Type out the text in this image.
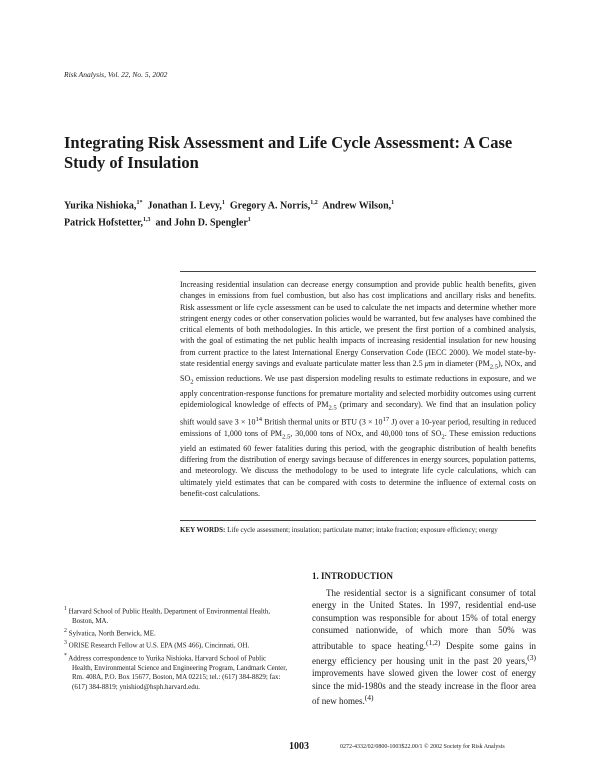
Risk Analysis, Vol. 22, No. 5, 2002
Integrating Risk Assessment and Life Cycle Assessment: A Case Study of Insulation
Yurika Nishioka,$^{1*}$ Jonathan I. Levy,$^1$ Gregory A. Norris,$^{1,2}$ Andrew Wilson,$^1$
Patrick Hofstetter,$^{1,3}$ and John D. Spengler$^1$
Increasing residential insulation can decrease energy consumption and provide public health benefits, given changes in emissions from fuel combustion, but also has cost implications and ancillary risks and benefits. Risk assessment or life cycle assessment can be used to calculate the net impacts and determine whether more stringent energy codes or other conservation policies would be warranted, but few analyses have combined the critical elements of both methodologies. In this article, we present the first portion of a combined analysis, with the goal of estimating the net public health impacts of increasing residential insulation for new housing from current practice to the latest International Energy Conservation Code (IECC 2000). We model state-by-state residential energy savings and evaluate particulate matter less than 2.5 μm in diameter $(PM_{2.5})$, NOx, and $SO_2$ emission reductions. We use past dispersion modeling results to estimate reductions in exposure, and we apply concentration-response functions for premature mortality and selected morbidity outcomes using current epidemiological knowledge of effects of $PM_{2.5}$ (primary and secondary). We find that an insulation policy shift would save $3 \times 10^{14}$ British thermal units or BTU ($3 \times 10^{17}$ J) over a 10-year period, resulting in reduced emissions of 1,000 tons of $PM_{2.5}$, 30,000 tons of NOx, and 40,000 tons of $SO_2$. These emission reductions yield an estimated 60 fewer fatalities during this period, with the geographic distribution of health benefits differing from the distribution of energy savings because of differences in energy sources, population patterns, and meteorology. We discuss the methodology to be used to integrate life cycle calculations, which can ultimately yield estimates that can be compared with costs to determine the influence of external costs on benefit-cost calculations.
KEY WORDS: Life cycle assessment; insulation; particulate matter; intake fraction; exposure efficiency; energy
1. INTRODUCTION

The residential sector is a significant consumer of total energy in the United States. In 1997, residential end-use consumption was responsible for about 15% of total energy consumed nationwide, of which more than 50% was attributable to space heating.$^{(1,2)}$ Despite some gains in energy efficiency per housing unit in the past 20 years,$^{(3)}$ improvements have slowed given the lower cost of energy since the mid-1980s and the steady increase in the floor area of new homes.$^{(4)}$

$^1$ Harvard School of Public Health, Department of Environmental Health, Boston, MA.

$^2$ Sylvatica, North Berwick, ME.

$^3$ ORISE Research Fellow at U.S. EPA (MS 466), Cincinnati, OH.

* Address correspondence to Yurika Nishioka, Harvard School of Public Health, Environmental Science and Engineering Program, Landmark Center, Rm. 408A, P.O. Box 15677, Boston, MA 02215; tel.: (617) 384-8829; fax: (617) 384-8819; ynishiod@hsph.harvard.edu.

1003	0272-4332/02/0800-1003$22.00/1 © 2002 Society for Risk Analysis
